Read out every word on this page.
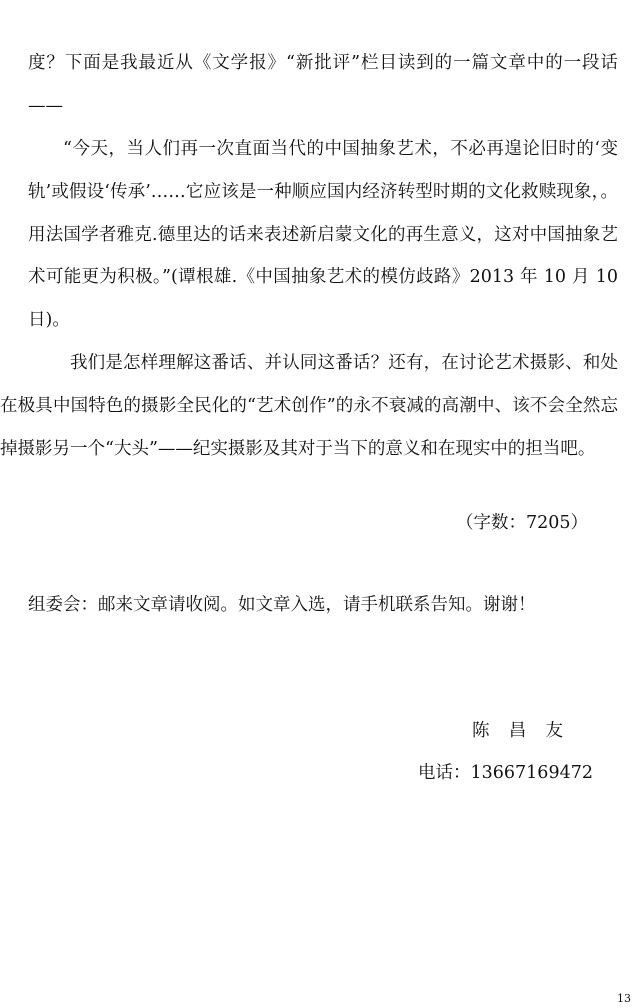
度？下面是我最近从《文学报》“新批评”栏目读到的一篇文章中的一段话——

“今天，当人们再一次直面当代的中国抽象艺术，不必再遑论旧时的‘变轨’或假设‘传承’……它应该是一种顺应国内经济转型时期的文化救赎现象，。用法国学者雅克.德里达的话来表述新启蒙文化的再生意义，这对中国抽象艺术可能更为积极。”(谭根雄.《中国抽象艺术的模仿歧路》2013 年 10 月 10 日)。

我们是怎样理解这番话、并认同这番话？还有，在讨论艺术摄影、和处在极具中国特色的摄影全民化的“艺术创作”的永不衰减的高潮中、该不会全然忘掉摄影另一个“大头”——纪实摄影及其对于当下的意义和在现实中的担当吧。

（字数：7205）
组委会：邮来文章请收阅。如文章入选，请手机联系告知。谢谢！
陈昌友
电话：13667169472
13
